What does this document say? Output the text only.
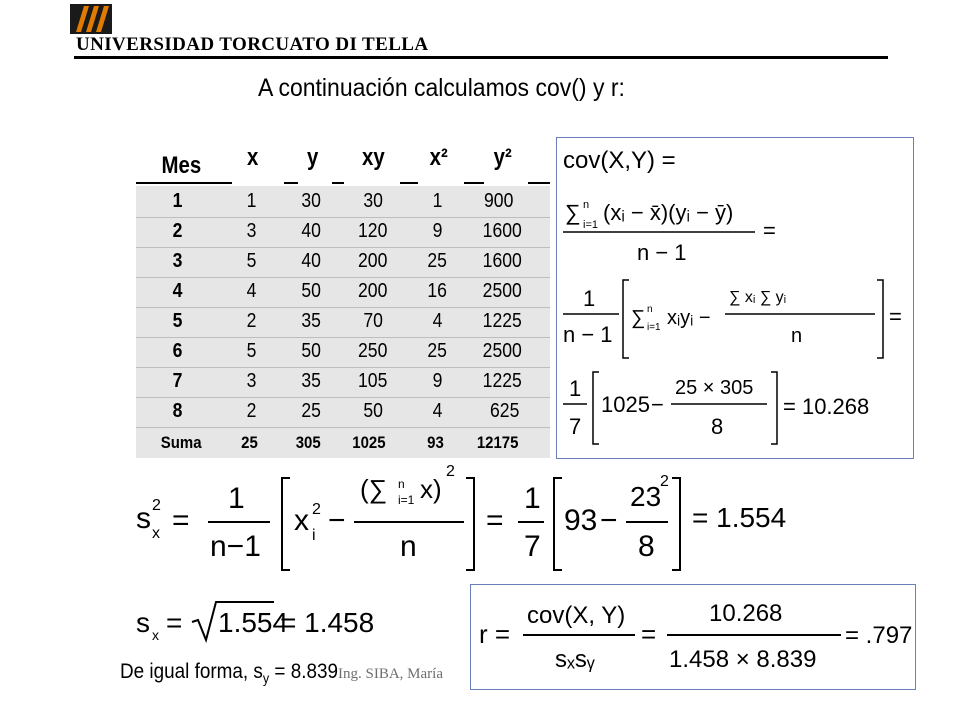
UNIVERSIDAD TORCUATO DI TELLA
A continuación calculamos cov() y r:
Mes x y xy x² y²
1	1 30 30 1 900
2	3 40 120 9 1600
3	5 40 200 25 1600
4	4 50 200 16 2500
5	2 35 70 4 1225
6	5 50 250 25 2500
7	3 35 105 9 1225
8	2 25 50 4 625
Suma 25 305 1025 93 12175
cov(X,Y) =
∑ n
i=1 (xᵢ − x̄)(yᵢ − ȳ)
n − 1
=
1
n − 1
∑ n
i=1 xᵢyᵢ −
∑ xᵢ ∑ yᵢ
n
=
1
7
1025 −
25 × 305
8
= 10.268
s 2
x =
1
n−1
x 2
i −
(∑ n
i=1 x)
2
n
=
1
7
93 −
23
2
8
= 1.554
s x = 1.554
= 1.458	r =
cov(X, Y)
sₓsᵧ
=
10.268
1.458 × 8.839
= .797
De igual forma, $s_y = 8.839$ Ing. SIBA, María
